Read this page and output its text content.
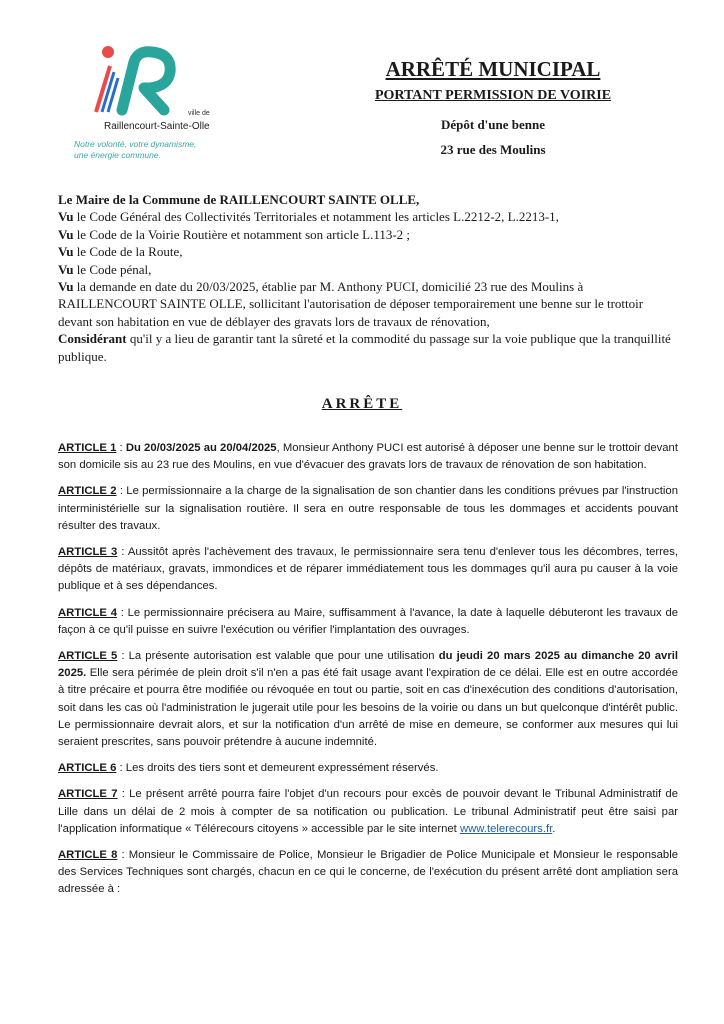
ville de
Raillencourt-Sainte-Olle
Notre volonté, votre dynamisme,
une énergie commune.
ARRÊTÉ MUNICIPAL
PORTANT PERMISSION DE VOIRIE
Dépôt d'une benne
23 rue des Moulins

Le Maire de la Commune de RAILLENCOURT SAINTE OLLE,

Vu le Code Général des Collectivités Territoriales et notamment les articles L.2212-2, L.2213-1,

Vu le Code de la Voirie Routière et notamment son article L.113-2 ;

Vu le Code de la Route,

Vu le Code pénal,

Vu la demande en date du 20/03/2025, établie par M. Anthony PUCI, domicilié 23 rue des Moulins à RAILLENCOURT SAINTE OLLE, sollicitant l'autorisation de déposer temporairement une benne sur le trottoir devant son habitation en vue de déblayer des gravats lors de travaux de rénovation,

Considérant qu'il y a lieu de garantir tant la sûreté et la commodité du passage sur la voie publique que la tranquillité publique.

ARRÊTE

ARTICLE 1 : Du 20/03/2025 au 20/04/2025, Monsieur Anthony PUCI est autorisé à déposer une benne sur le trottoir devant son domicile sis au 23 rue des Moulins, en vue d'évacuer des gravats lors de travaux de rénovation de son habitation.

ARTICLE 2 : Le permissionnaire a la charge de la signalisation de son chantier dans les conditions prévues par l'instruction interministérielle sur la signalisation routière. Il sera en outre responsable de tous les dommages et accidents pouvant résulter des travaux.

ARTICLE 3 : Aussitôt après l'achèvement des travaux, le permissionnaire sera tenu d'enlever tous les décombres, terres, dépôts de matériaux, gravats, immondices et de réparer immédiatement tous les dommages qu'il aura pu causer à la voie publique et à ses dépendances.

ARTICLE 4 : Le permissionnaire précisera au Maire, suffisamment à l'avance, la date à laquelle débuteront les travaux de façon à ce qu'il puisse en suivre l'exécution ou vérifier l'implantation des ouvrages.

ARTICLE 5 : La présente autorisation est valable que pour une utilisation du jeudi 20 mars 2025 au dimanche 20 avril 2025. Elle sera périmée de plein droit s'il n'en a pas été fait usage avant l'expiration de ce délai. Elle est en outre accordée à titre précaire et pourra être modifiée ou révoquée en tout ou partie, soit en cas d'inexécution des conditions d'autorisation, soit dans les cas où l'administration le jugerait utile pour les besoins de la voirie ou dans un but quelconque d'intérêt public. Le permissionnaire devrait alors, et sur la notification d'un arrêté de mise en demeure, se conformer aux mesures qui lui seraient prescrites, sans pouvoir prétendre à aucune indemnité.

ARTICLE 6 : Les droits des tiers sont et demeurent expressément réservés.

ARTICLE 7 : Le présent arrêté pourra faire l'objet d'un recours pour excès de pouvoir devant le Tribunal Administratif de Lille dans un délai de 2 mois à compter de sa notification ou publication. Le tribunal Administratif peut être saisi par l'application informatique « Télérecours citoyens » accessible par le site internet www.telerecours.fr.

ARTICLE 8 : Monsieur le Commissaire de Police, Monsieur le Brigadier de Police Municipale et Monsieur le responsable des Services Techniques sont chargés, chacun en ce qui le concerne, de l'exécution du présent arrêté dont ampliation sera adressée à :
